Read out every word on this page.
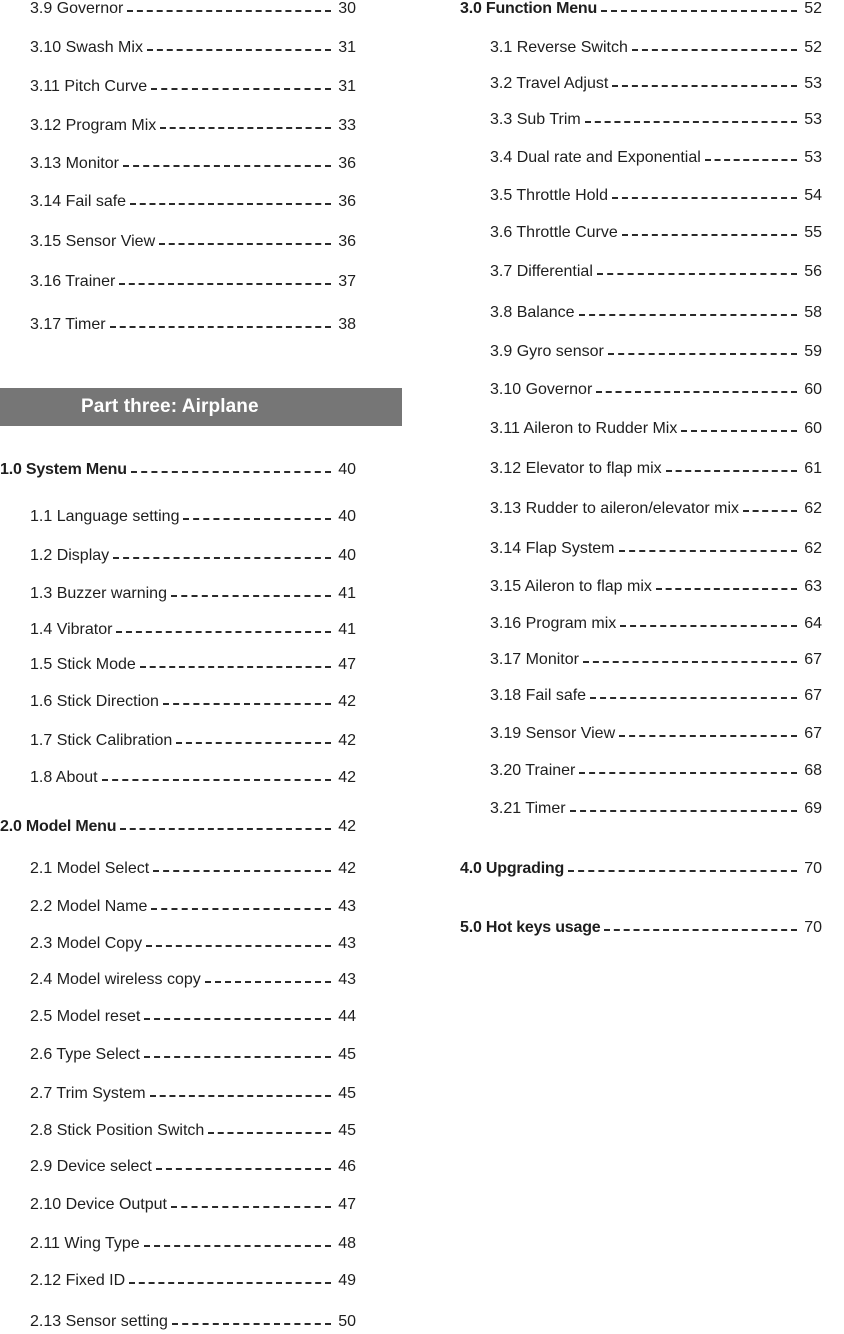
3.9 Governor	30
3.10 Swash Mix	31
3.11 Pitch Curve	31
3.12 Program Mix	33
3.13 Monitor	36
3.14 Fail safe	36
3.15 Sensor View	36
3.16 Trainer	37
3.17 Timer	38
1.0 System Menu	40
1.1 Language setting	40
1.2 Display	40
1.3 Buzzer warning	41
1.4 Vibrator	41
1.5 Stick Mode	47
1.6 Stick Direction	42
1.7 Stick Calibration	42
1.8 About	42
2.0 Model Menu	42
2.1 Model Select	42
2.2 Model Name	43
2.3 Model Copy	43
2.4 Model wireless copy	43
2.5 Model reset	44
2.6 Type Select	45
2.7 Trim System	45
2.8 Stick Position Switch	45
2.9 Device select	46
2.10 Device Output	47
2.11 Wing Type	48
2.12 Fixed ID	49
2.13 Sensor setting	50
Part three: Airplane
3.0 Function Menu	52
3.1 Reverse Switch	52
3.2 Travel Adjust	53
3.3 Sub Trim	53
3.4 Dual rate and Exponential	53
3.5 Throttle Hold	54
3.6 Throttle Curve	55
3.7 Differential	56
3.8 Balance	58
3.9 Gyro sensor	59
3.10 Governor	60
3.11 Aileron to Rudder Mix	60
3.12 Elevator to flap mix	61
3.13 Rudder to aileron/elevator mix	62
3.14 Flap System	62
3.15 Aileron to flap mix	63
3.16 Program mix	64
3.17 Monitor	67
3.18 Fail safe	67
3.19 Sensor View	67
3.20 Trainer	68
3.21 Timer	69
4.0 Upgrading	70
5.0 Hot keys usage	70
